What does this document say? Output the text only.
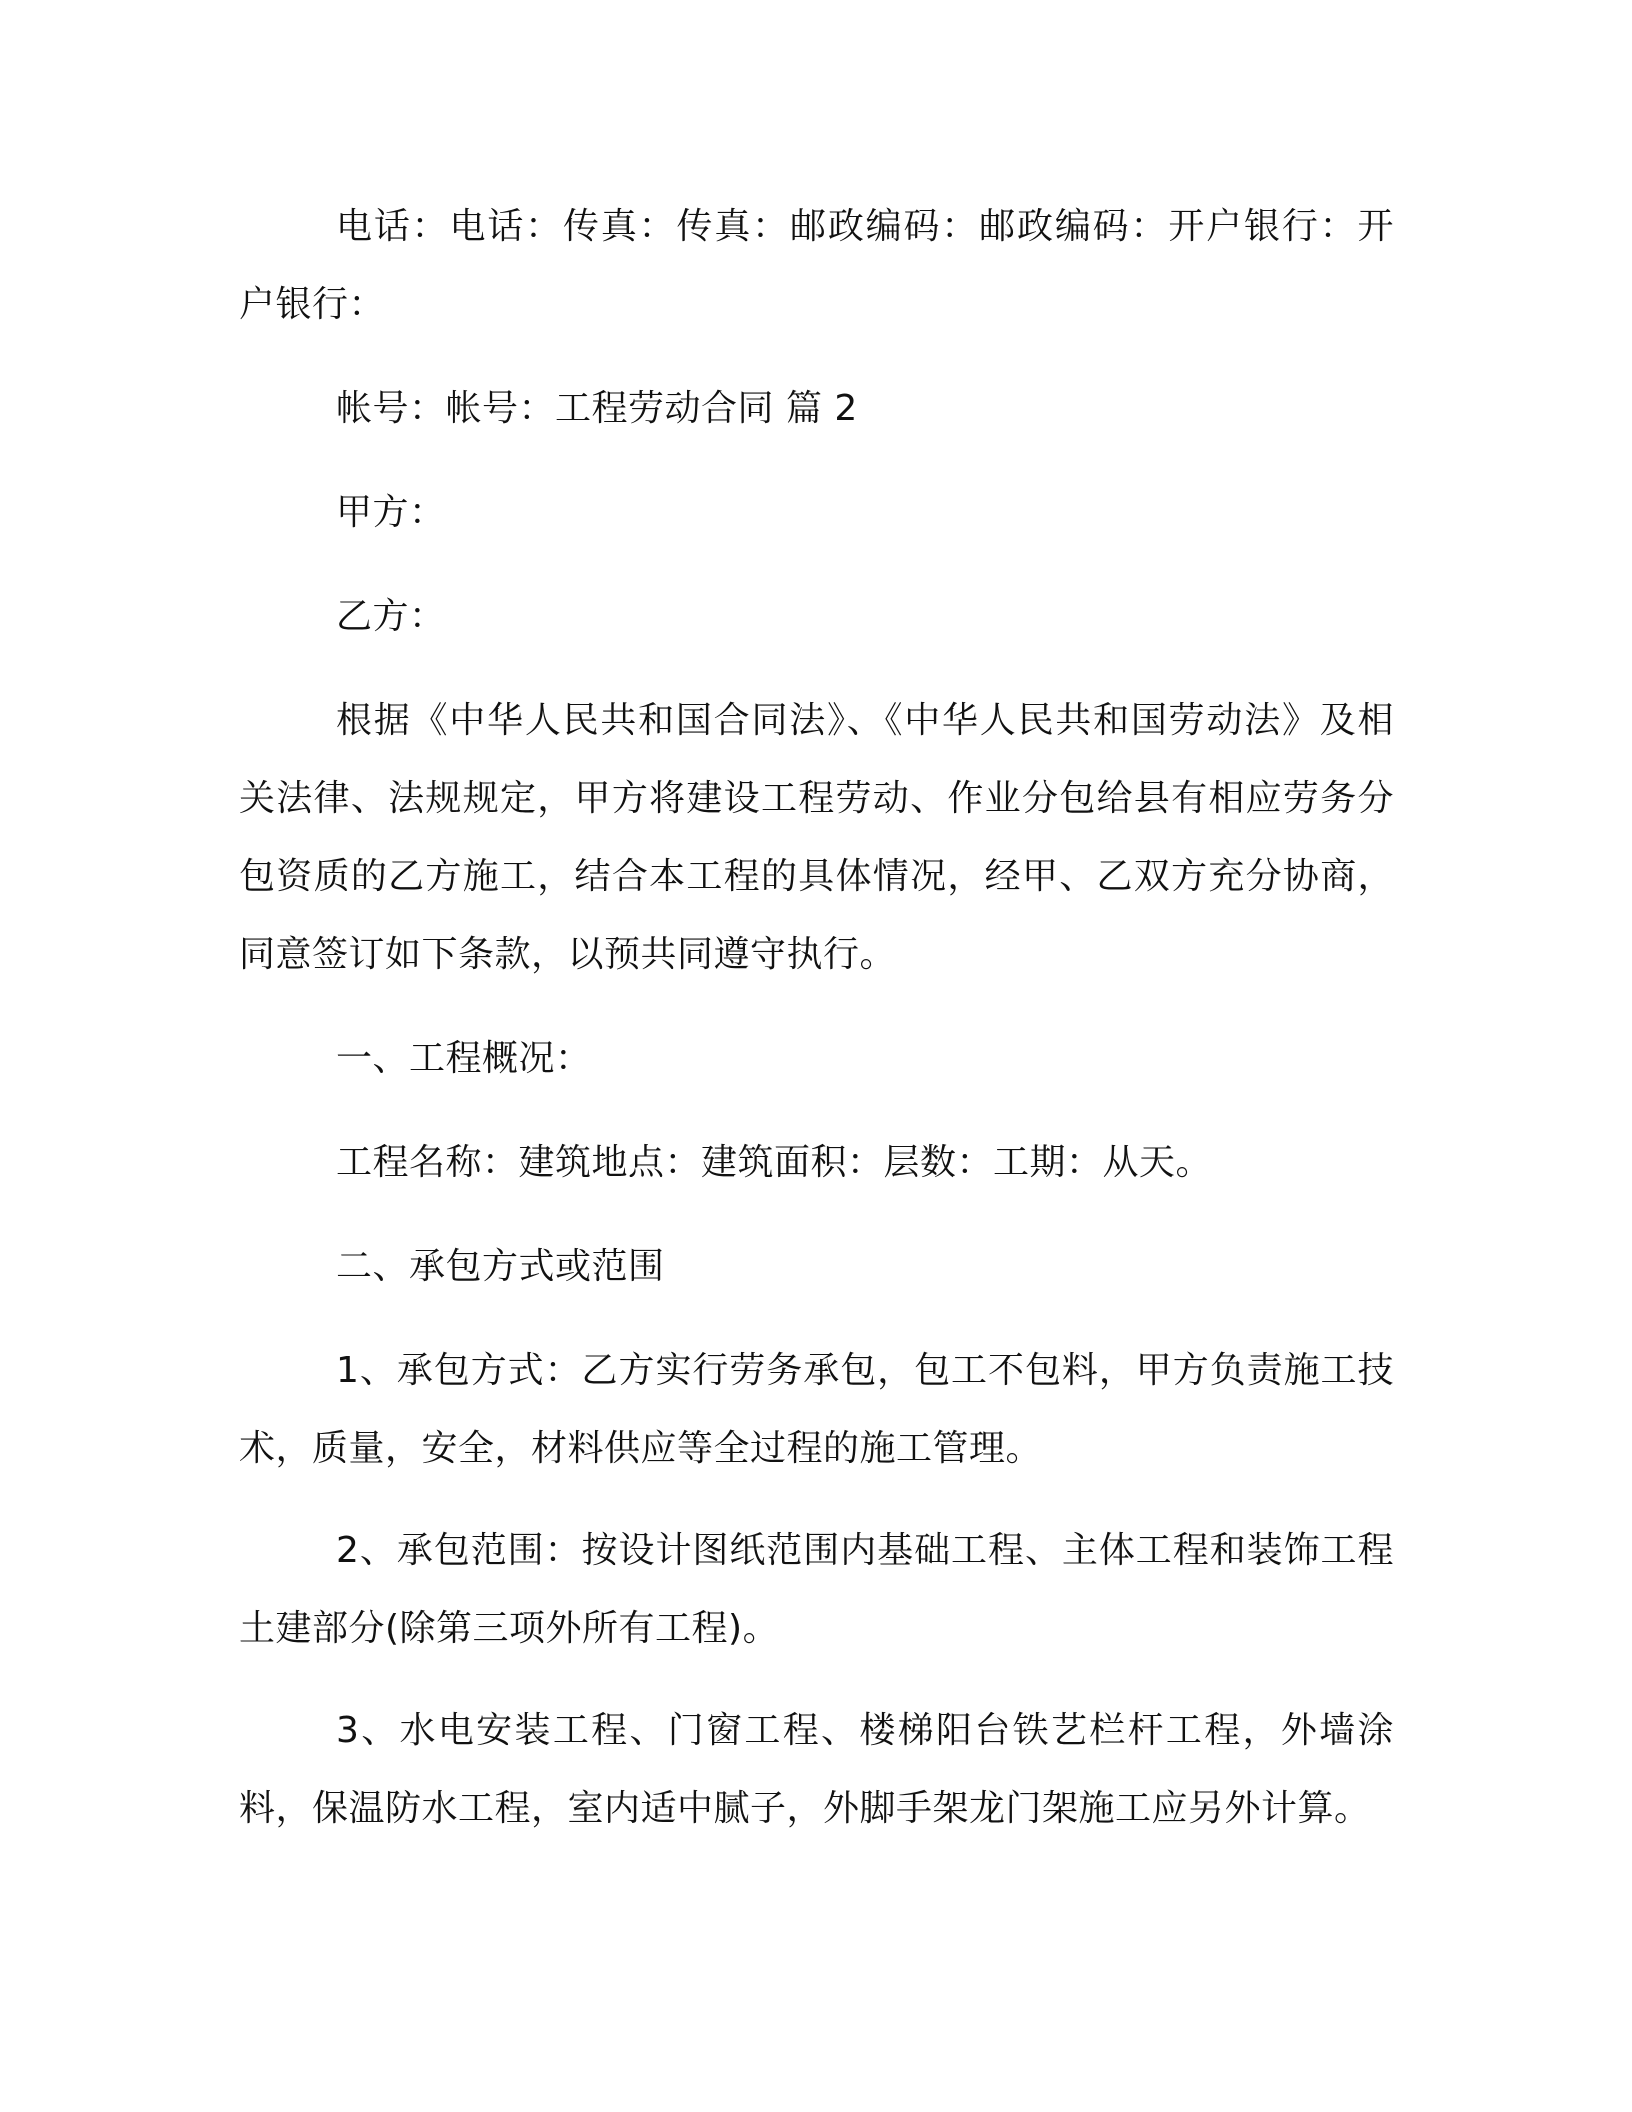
电话：电话：传真：传真：邮政编码：邮政编码：开户银行：开户银行：

帐号：帐号：工程劳动合同 篇 2

甲方：

乙方：

根据《中华人民共和国合同法》、《中华人民共和国劳动法》及相关法律、法规规定，甲方将建设工程劳动、作业分包给县有相应劳务分包资质的乙方施工，结合本工程的具体情况，经甲、乙双方充分协商，同意签订如下条款，以预共同遵守执行。

一、工程概况：

工程名称：建筑地点：建筑面积：层数：工期：从天。

二、承包方式或范围

1、承包方式：乙方实行劳务承包，包工不包料，甲方负责施工技术，质量，安全，材料供应等全过程的施工管理。

2、承包范围：按设计图纸范围内基础工程、主体工程和装饰工程土建部分(除第三项外所有工程)。

3、水电安装工程、门窗工程、楼梯阳台铁艺栏杆工程，外墙涂料，保温防水工程，室内适中腻子，外脚手架龙门架施工应另外计算。
